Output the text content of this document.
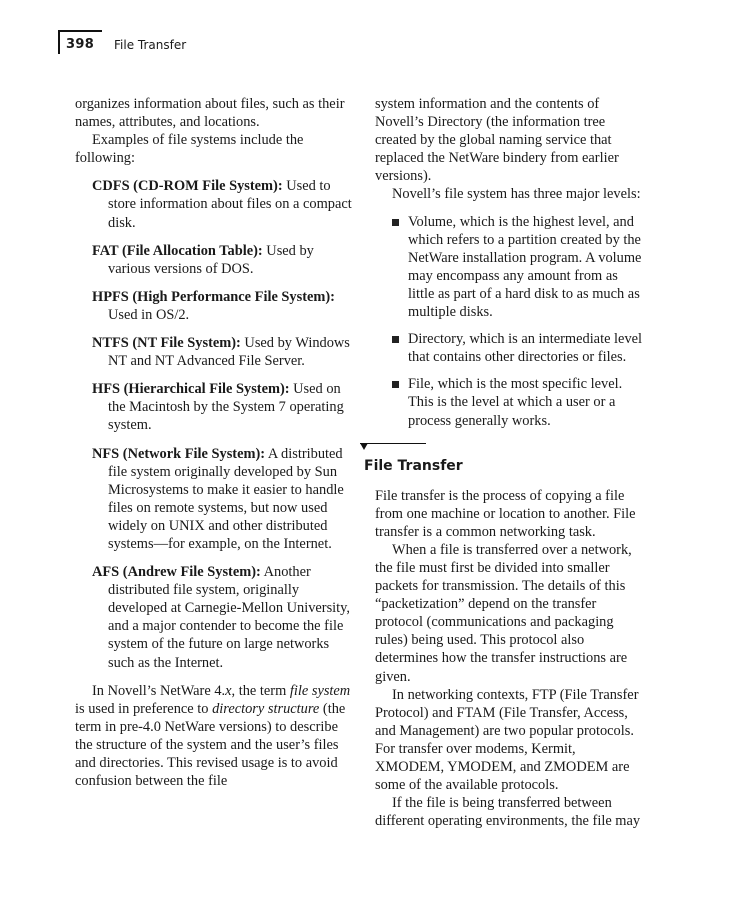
398 File Transfer

organizes information about files, such as their names, attributes, and locations.

Examples of file systems include the following:

CDFS (CD-ROM File System): Used to store information about files on a compact disk.
FAT (File Allocation Table): Used by various versions of DOS.
HPFS (High Performance File System): Used in OS/2.
NTFS (NT File System): Used by Windows NT and NT Advanced File Server.
HFS (Hierarchical File System): Used on the Macintosh by the System 7 operating system.
NFS (Network File System): A distributed file system originally developed by Sun Microsystems to make it easier to handle files on remote systems, but now used widely on UNIX and other distributed systems—for example, on the Internet.
AFS (Andrew File System): Another distributed file system, originally developed at Carnegie-Mellon University, and a major contender to become the file system of the future on large networks such as the Internet.

In Novell’s NetWare 4.x, the term file system is used in preference to directory structure (the term in pre-4.0 NetWare versions) to describe the structure of the system and the user’s files and directories. This revised usage is to avoid confusion between the file

system information and the contents of Novell’s Directory (the information tree created by the global naming service that replaced the NetWare bindery from earlier versions).

Novell’s file system has three major levels:

Volume, which is the highest level, and which refers to a partition created by the NetWare installation program. A volume may encompass any amount from as little as part of a hard disk to as much as multiple disks.
Directory, which is an intermediate level that contains other directories or files.
File, which is the most specific level. This is the level at which a user or a process generally works.
File Transfer

File transfer is the process of copying a file from one machine or location to another. File transfer is a common networking task.

When a file is transferred over a network, the file must first be divided into smaller packets for transmission. The details of this “packetization” depend on the transfer protocol (communications and packaging rules) being used. This protocol also determines how the transfer instructions are given.

In networking contexts, FTP (File Transfer Protocol) and FTAM (File Transfer, Access, and Management) are two popular protocols. For transfer over modems, Kermit, XMODEM, YMODEM, and ZMODEM are some of the available protocols.

If the file is being transferred between different operating environments, the file may
